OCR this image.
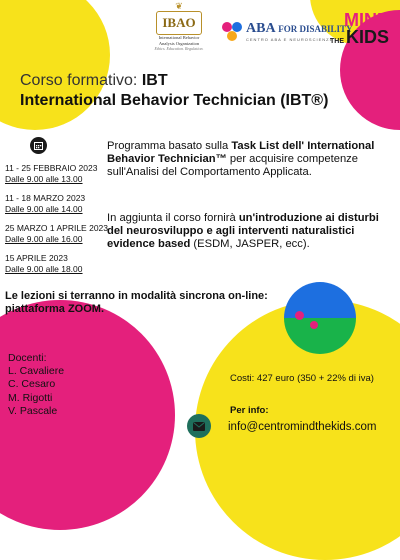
❦
IBAO
International Behavior
Analysis Organization
Ethics. Education. Regulation.
ABA FOR DISABILITY
CENTRO ABA E NEUROSCIENZE
MIND
THE KIDS
Corso formativo: IBT
International Behavior Technician (IBT®)
11 - 25 FEBBRAIO 2023
Dalle 9.00 alle 13.00
11 - 18 MARZO 2023
Dalle 9.00 alle 14.00
25 MARZO 1 APRILE 2023
Dalle 9.00 alle 16.00
15 APRILE 2023
Dalle 9.00 alle 18.00
Programma basato sulla Task List dell' International Behavior Technician™ per acquisire competenze sull'Analisi del Comportamento Applicata.
In aggiunta il corso fornirà un'introduzione ai disturbi del neurosviluppo e agli interventi naturalistici evidence based (ESDM, JASPER, ecc).
Le lezioni si terranno in modalità sincrona on-line: piattaforma ZOOM.
Docenti:
L. Cavaliere
C. Cesaro
M. Rigotti
V. Pascale
Costi: 427 euro (350 + 22% di iva)
Per info:
info@centromindthekids.com
